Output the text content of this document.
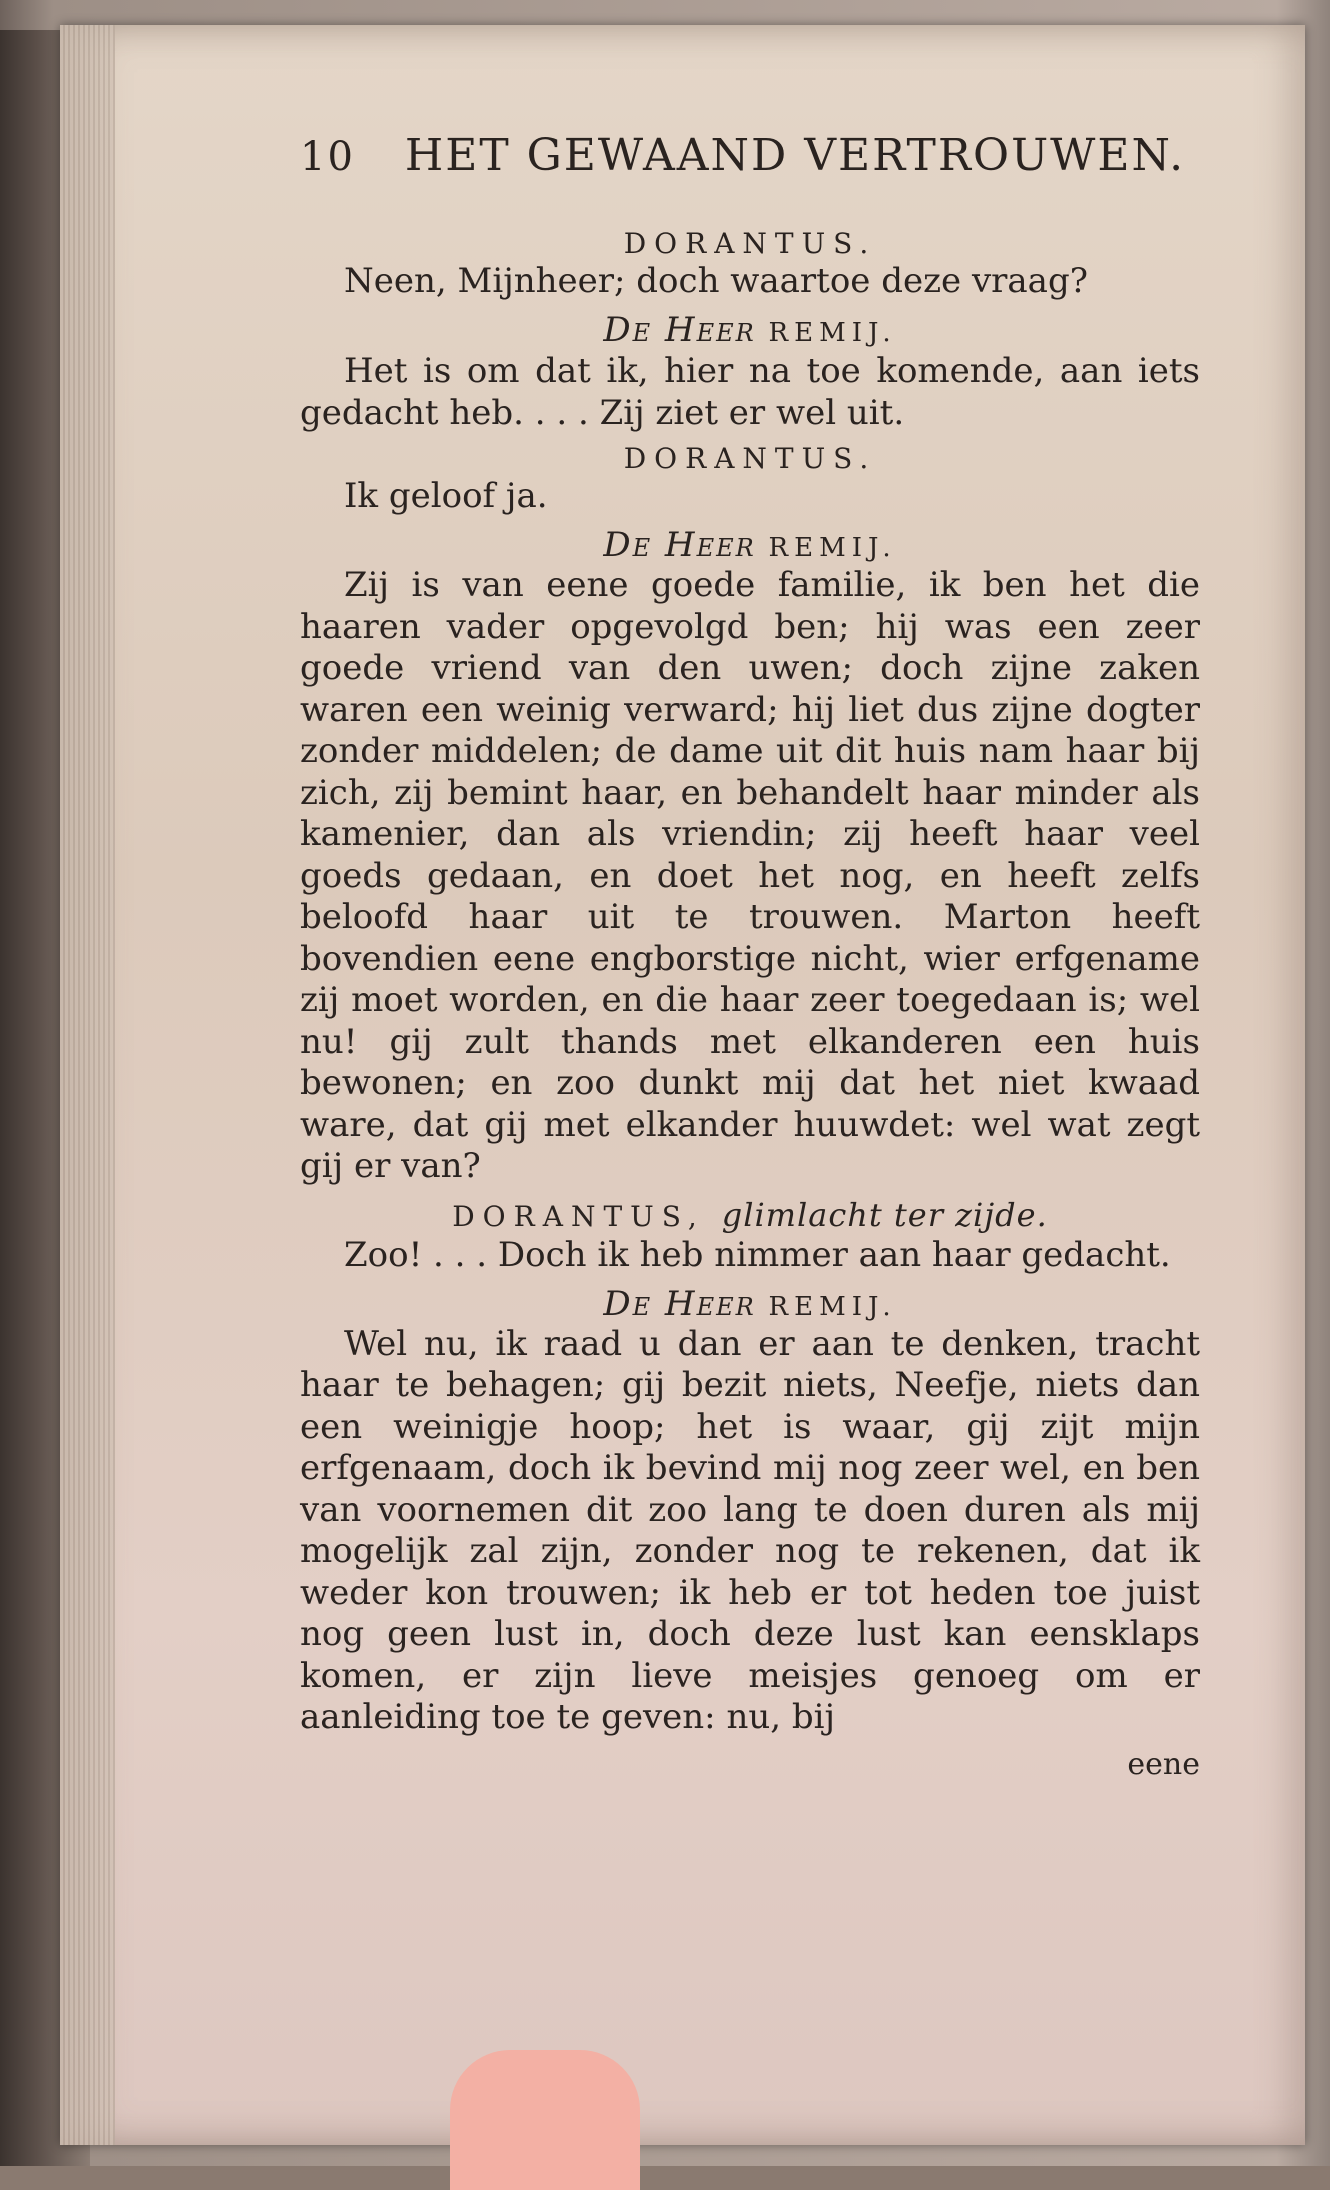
10	HET GEWAAND VERTROUWEN.
DORANTUS.

Neen, Mijnheer; doch waartoe deze vraag?

De Heer REMIJ.

Het is om dat ik, hier na toe komende, aan iets gedacht heb. . . . Zij ziet er wel uit.

DORANTUS.

Ik geloof ja.

De Heer REMIJ.

Zij is van eene goede familie, ik ben het die haaren vader opgevolgd ben; hij was een zeer goede vriend van den uwen; doch zijne zaken waren een weinig verward; hij liet dus zijne dogter zonder middelen; de dame uit dit huis nam haar bij zich, zij bemint haar, en behandelt haar minder als kamenier, dan als vriendin; zij heeft haar veel goeds gedaan, en doet het nog, en heeft zelfs beloofd haar uit te trouwen. Marton heeft bovendien eene engborstige nicht, wier erfgename zij moet worden, en die haar zeer toegedaan is; wel nu! gij zult thands met elkanderen een huis bewonen; en zoo dunkt mij dat het niet kwaad ware, dat gij met elkander huuwdet: wel wat zegt gij er van?

DORANTUS, glimlacht ter zijde.

Zoo! . . . Doch ik heb nimmer aan haar gedacht.

De Heer REMIJ.

Wel nu, ik raad u dan er aan te denken, tracht haar te behagen; gij bezit niets, Neefje, niets dan een weinigje hoop; het is waar, gij zijt mijn erfgenaam, doch ik bevind mij nog zeer wel, en ben van voornemen dit zoo lang te doen duren als mij mogelijk zal zijn, zonder nog te rekenen, dat ik weder kon trouwen; ik heb er tot heden toe juist nog geen lust in, doch deze lust kan eensklaps komen, er zijn lieve meisjes genoeg om er aanleiding toe te geven: nu, bij

eene
